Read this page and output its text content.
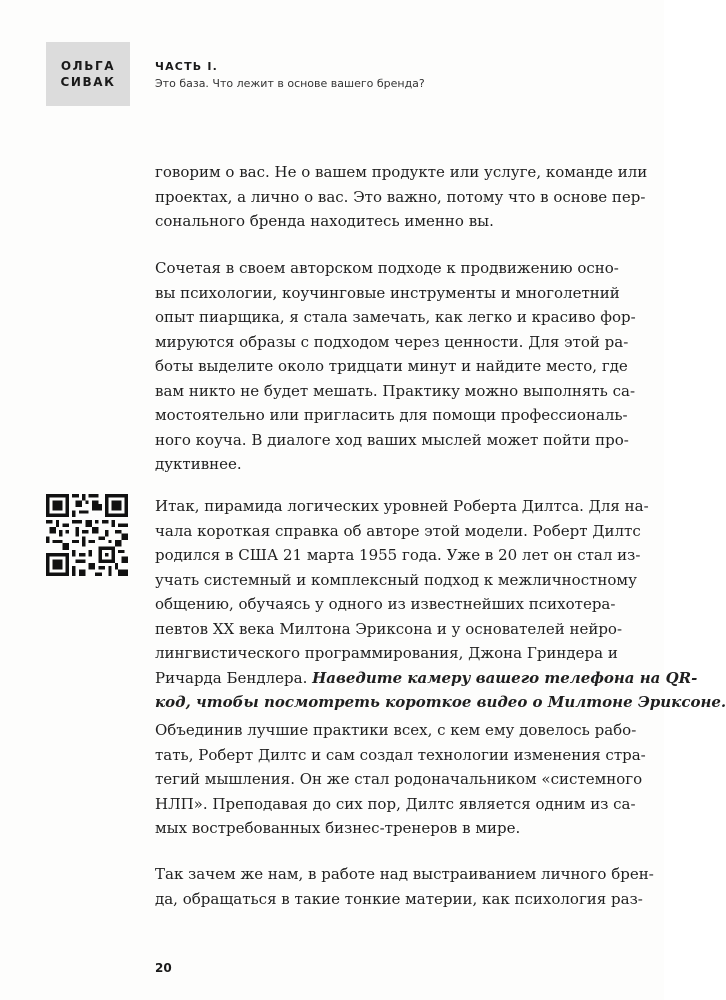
ОЛЬГА
СИВАК
ЧАСТЬ I.
Это база. Что лежит в основе вашего бренда?
говорим о вас. Не о вашем продукте или услуге, команде или
проектах, а лично о вас. Это важно, потому что в основе пер-
сонального бренда находитесь именно вы.
Сочетая в своем авторском подходе к продвижению осно-
вы психологии, коучинговые инструменты и многолетний
опыт пиарщика, я стала замечать, как легко и красиво фор-
мируются образы с подходом через ценности. Для этой ра-
боты выделите около тридцати минут и найдите место, где
вам никто не будет мешать. Практику можно выполнять са-
мостоятельно или пригласить для помощи профессиональ-
ного коуча. В диалоге ход ваших мыслей может пойти про-
дуктивнее.
Итак, пирамида логических уровней Роберта Дилтса. Для на-
чала короткая справка об авторе этой модели. Роберт Дилтс
родился в США 21 марта 1955 года. Уже в 20 лет он стал из-
учать системный и комплексный подход к межличностному
общению, обучаясь у одного из известнейших психотера-
певтов XX века Милтона Эриксона и у основателей нейро-
лингвистического программирования, Джона Гриндера и
Ричарда Бендлера. Наведите камеру вашего телефона на QR-
код, чтобы посмотреть короткое видео о Милтоне Эриксоне.
Объединив лучшие практики всех, с кем ему довелось рабо-
тать, Роберт Дилтс и сам создал технологии изменения стра-
тегий мышления. Он же стал родоначальником «системного
НЛП». Преподавая до сих пор, Дилтс является одним из са-
мых востребованных бизнес-тренеров в мире.
Так зачем же нам, в работе над выстраиванием личного брен-
да, обращаться в такие тонкие материи, как психология раз-
20
